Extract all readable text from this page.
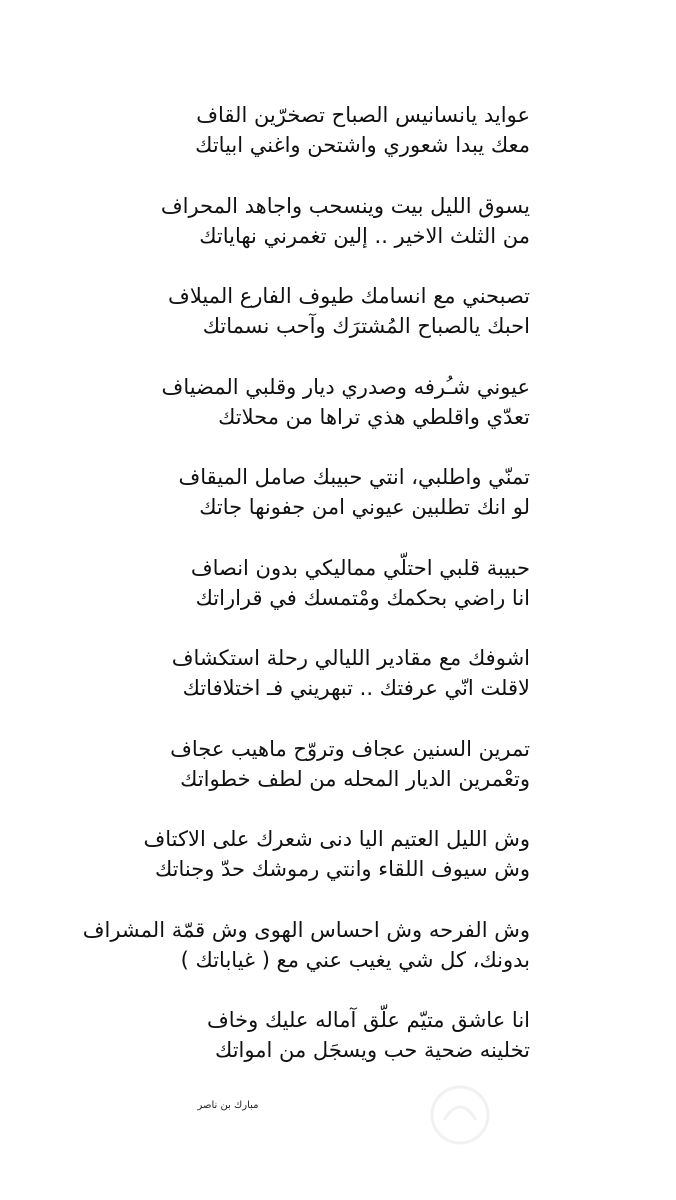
عوايد يانسانيس الصباح تصخرّين القاف
معك يبدا شعوري واشتحن واغني ابياتك
يسوق الليل بيت وينسحب واجاهد المحراف
من الثلث الاخير .. إلين تغمرني نهاياتك
تصبحني مع انسامك طيوف الفارع الميلاف
احبك يالصباح المُشترَك وآحب نسماتك
عيوني شـُرفه وصدري ديار وقلبي المضياف
تعدّي واقلطي هذي تراها من محلاتك
تمنّي واطلبي، انتي حبيبك صامل الميقاف
لو انك تطلبين عيوني امن جفونها جاتك
حبيبة قلبي احتلّي مماليكي بدون انصاف
انا راضي بحكمك ومْتمسك في قراراتك
اشوفك مع مقادير الليالي رحلة استكشاف
لاقلت انّي عرفتك .. تبهريني فـ اختلافاتك
تمرين السنين عجاف وتروّح ماهيب عجاف
وتعْمرين الديار المحله من لطف خطواتك
وش الليل العتيم اليا دنى شعرك على الاكتاف
وش سيوف اللقاء وانتي رموشك حدّ وجناتك
وش الفرحه وش احساس الهوى وش قمّة المشراف
بدونك، كل شي يغيب عني مع ( غياباتك )
انا عاشق متيّم علّق آماله عليك وخاف
تخلينه ضحية حب ويسجَل من امواتك
مبارك بن ناصر
